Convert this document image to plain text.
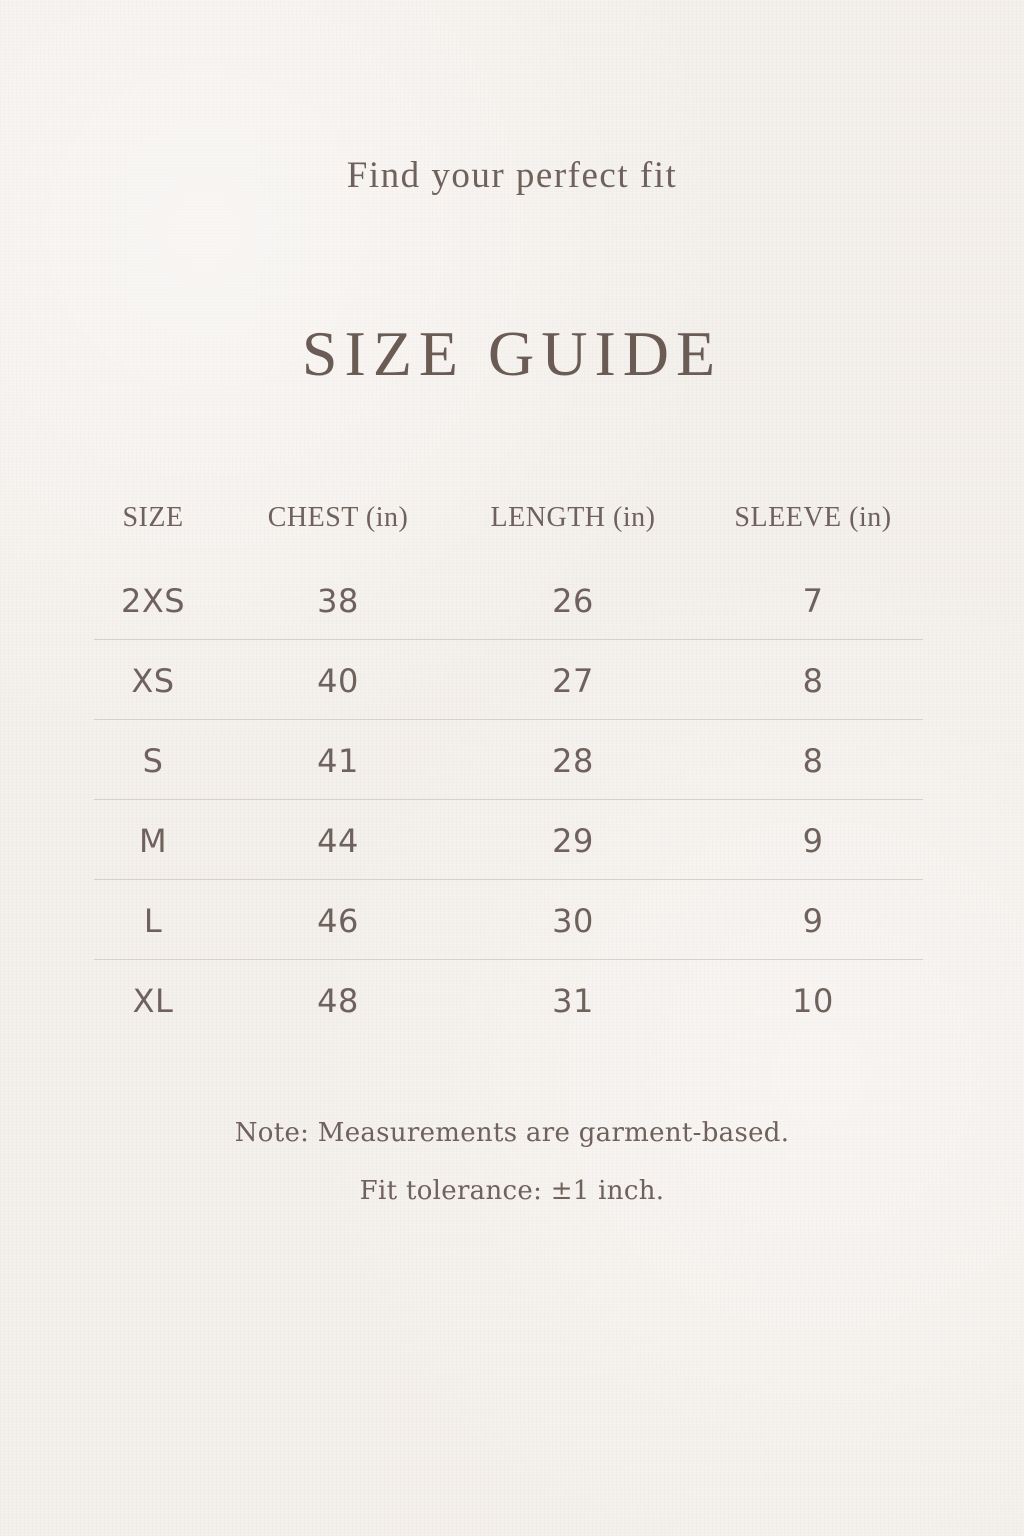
Find your perfect fit
SIZE GUIDE
SIZE	CHEST (in)	LENGTH (in)	SLEEVE (in)
2XS	38	26	7
XS	40	27	8
S	41	28	8
M	44	29	9
L	46	30	9
XL	48	31	10
Note: Measurements are garment-based.
Fit tolerance: ±1 inch.
